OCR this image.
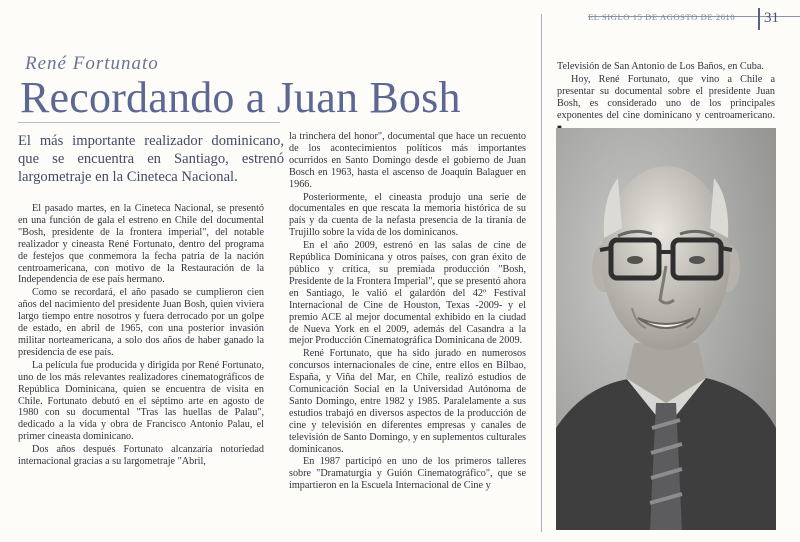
EL SIGLO 15 DE AGOSTO DE 2010	31
René Fortunato
Recordando a Juan Bosh
El más importante realizador dominicano, que se encuentra en Santiago, estrenó largometraje en la Cineteca Nacional.

El pasado martes, en la Cineteca Nacional, se presentó en una función de gala el estreno en Chile del documental "Bosh, presidente de la frontera imperial", del notable realizador y cineasta René Fortunato, dentro del programa de festejos que conmemora la fecha patria de la nación centroamericana, con motivo de la Restauración de la Independencia de ese país hermano.

Como se recordará, el año pasado se cumplieron cien años del nacimiento del presidente Juan Bosh, quien viviera largo tiempo entre nosotros y fuera derrocado por un golpe de estado, en abril de 1965, con una posterior invasión militar norteamericana, a solo dos años de haber ganado la presidencia de ese país.

La película fue producida y dirigida por René Fortunato, uno de los más relevantes realizadores cinematográficos de República Dominicana, quien se encuentra de visita en Chile. Fortunato debutó en el séptimo arte en agosto de 1980 con su documental "Tras las huellas de Palau", dedicado a la vida y obra de Francisco Antonio Palau, el primer cineasta dominicano.

Dos años después Fortunato alcanzaría notoriedad internacional gracias a su largometraje "Abril,

la trinchera del honor", documental que hace un recuento de los acontecimientos políticos más importantes ocurridos en Santo Domingo desde el gobierno de Juan Bosch en 1963, hasta el ascenso de Joaquín Balaguer en 1966.

Posteriormente, el cineasta produjo una serie de documentales en que rescata la memoria histórica de su país y da cuenta de la nefasta presencia de la tiranía de Trujillo sobre la vida de los dominicanos.

En el año 2009, estrenó en las salas de cine de República Dominicana y otros países, con gran éxito de público y crítica, su premiada producción "Bosh, Presidente de la Frontera Imperial", que se presentó ahora en Santiago, le valió el galardón del 42º Festival Internacional de Cine de Houston, Texas -2009- y el premio ACE al mejor documental exhibido en la ciudad de Nueva York en el 2009, además del Casandra a la mejor Producción Cinematográfica Dominicana de 2009.

René Fortunato, que ha sido jurado en numerosos concursos internacionales de cine, entre ellos en Bilbao, España, y Viña del Mar, en Chile, realizó estudios de Comunicación Social en la Universidad Autónoma de Santo Domingo, entre 1982 y 1985. Paralelamente a sus estudios trabajó en diversos aspectos de la producción de cine y televisión en diferentes empresas y canales de televisión de Santo Domingo, y en suplementos culturales dominicanos.

En 1987 participó en uno de los primeros talleres sobre "Dramaturgia y Guión Cinematográfico", que se impartieron en la Escuela Internacional de Cine y

Televisión de San Antonio de Los Baños, en Cuba.

Hoy, René Fortunato, que vino a Chile a presentar su documental sobre el presidente Juan Bosh, es considerado uno de los principales exponentes del cine dominicano y centroamericano.
